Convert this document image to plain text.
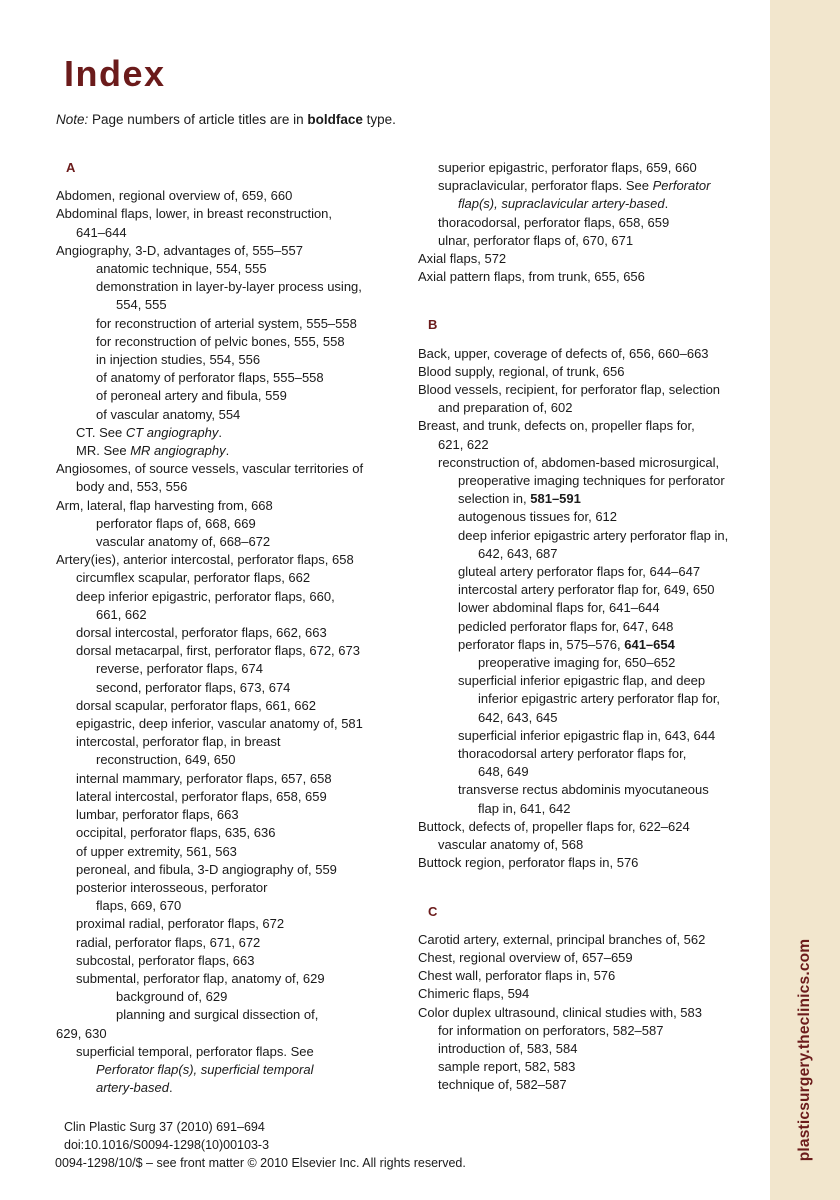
plasticsurgery.theclinics.com
Index
Note: Page numbers of article titles are in boldface type.
A
Abdomen, regional overview of, 659, 660
Abdominal flaps, lower, in breast reconstruction,
641–644
Angiography, 3-D, advantages of, 555–557
anatomic technique, 554, 555
demonstration in layer-by-layer process using,
554, 555
for reconstruction of arterial system, 555–558
for reconstruction of pelvic bones, 555, 558
in injection studies, 554, 556
of anatomy of perforator flaps, 555–558
of peroneal artery and fibula, 559
of vascular anatomy, 554
CT. See CT angiography.
MR. See MR angiography.
Angiosomes, of source vessels, vascular territories of
body and, 553, 556
Arm, lateral, flap harvesting from, 668
perforator flaps of, 668, 669
vascular anatomy of, 668–672
Artery(ies), anterior intercostal, perforator flaps, 658
circumflex scapular, perforator flaps, 662
deep inferior epigastric, perforator flaps, 660,
661, 662
dorsal intercostal, perforator flaps, 662, 663
dorsal metacarpal, first, perforator flaps, 672, 673
reverse, perforator flaps, 674
second, perforator flaps, 673, 674
dorsal scapular, perforator flaps, 661, 662
epigastric, deep inferior, vascular anatomy of, 581
intercostal, perforator flap, in breast
reconstruction, 649, 650
internal mammary, perforator flaps, 657, 658
lateral intercostal, perforator flaps, 658, 659
lumbar, perforator flaps, 663
occipital, perforator flaps, 635, 636
of upper extremity, 561, 563
peroneal, and fibula, 3-D angiography of, 559
posterior interosseous, perforator
flaps, 669, 670
proximal radial, perforator flaps, 672
radial, perforator flaps, 671, 672
subcostal, perforator flaps, 663
submental, perforator flap, anatomy of, 629
background of, 629
planning and surgical dissection of,
629, 630
superficial temporal, perforator flaps. See
Perforator flap(s), superficial temporal
artery-based.
superior epigastric, perforator flaps, 659, 660
supraclavicular, perforator flaps. See Perforator
flap(s), supraclavicular artery-based.
thoracodorsal, perforator flaps, 658, 659
ulnar, perforator flaps of, 670, 671
Axial flaps, 572
Axial pattern flaps, from trunk, 655, 656
B
Back, upper, coverage of defects of, 656, 660–663
Blood supply, regional, of trunk, 656
Blood vessels, recipient, for perforator flap, selection
and preparation of, 602
Breast, and trunk, defects on, propeller flaps for,
621, 622
reconstruction of, abdomen-based microsurgical,
preoperative imaging techniques for perforator
selection in, 581–591
autogenous tissues for, 612
deep inferior epigastric artery perforator flap in,
642, 643, 687
gluteal artery perforator flaps for, 644–647
intercostal artery perforator flap for, 649, 650
lower abdominal flaps for, 641–644
pedicled perforator flaps for, 647, 648
perforator flaps in, 575–576, 641–654
preoperative imaging for, 650–652
superficial inferior epigastric flap, and deep
inferior epigastric artery perforator flap for,
642, 643, 645
superficial inferior epigastric flap in, 643, 644
thoracodorsal artery perforator flaps for,
648, 649
transverse rectus abdominis myocutaneous
flap in, 641, 642
Buttock, defects of, propeller flaps for, 622–624
vascular anatomy of, 568
Buttock region, perforator flaps in, 576
C
Carotid artery, external, principal branches of, 562
Chest, regional overview of, 657–659
Chest wall, perforator flaps in, 576
Chimeric flaps, 594
Color duplex ultrasound, clinical studies with, 583
for information on perforators, 582–587
introduction of, 583, 584
sample report, 582, 583
technique of, 582–587
Clin Plastic Surg 37 (2010) 691–694
doi:10.1016/S0094-1298(10)00103-3
0094-1298/10/$ – see front matter © 2010 Elsevier Inc. All rights reserved.
